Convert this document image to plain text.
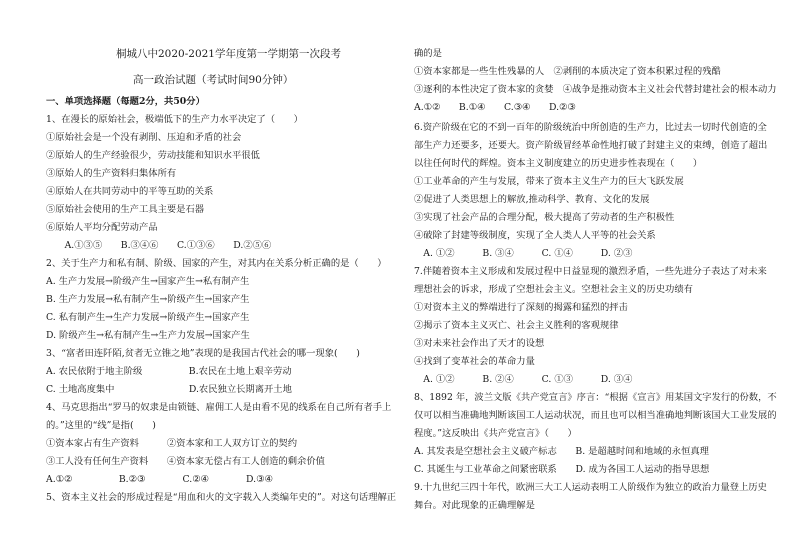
桐城八中2020-2021学年度第一学期第一次段考
高一政治试题（考试时间90分钟）
一、单项选择题（每题2分，共50分）
1、在漫长的原始社会，极端低下的生产力水平决定了（　　）
①原始社会是一个没有剥削、压迫和矛盾的社会
②原始人的生产经验很少，劳动技能和知识水平很低
③原始人的生产资料归集体所有
④原始人在共同劳动中的平等互助的关系
⑤原始社会使用的生产工具主要是石器
⑥原始人平均分配劳动产品
　　A.①③⑤　　B.③④⑥　　C.①③⑥　　D.②⑤⑥
2、关于生产力和私有制、阶级、国家的产生，对其内在关系分析正确的是（　　）
A. 生产力发展→阶级产生→国家产生→私有制产生
B. 生产力发展→私有制产生→阶级产生→国家产生
C. 私有制产生→生产力发展→阶级产生→国家产生
D. 阶级产生→私有制产生→生产力发展→国家产生
3、“富者田连阡陌,贫者无立锥之地”表现的是我国古代社会的哪一现象(　　)
A. 农民依附于地主阶级　　　　　B.农民在土地上艰辛劳动
C. 土地高度集中　　　　　　　　D.农民独立长期离开土地
4、马克思指出“罗马的奴隶是由锁链、雇佣工人是由看不见的线系在自己所有者手上
的。”这里的“线”是指(　　)
①资本家占有生产资料　　　②资本家和工人双方订立的契约
③工人没有任何生产资料　　④资本家无偿占有工人创造的剩余价值
A.①②　　　　　B.②③　　　　C.②④　　　　D.③④
5、资本主义社会的形成过程是“用血和火的文字载入人类编年史的”。对这句话理解正
确的是
①资本家都是一些生性残暴的人　②剥削的本质决定了资本积累过程的残酷
③逐利的本性决定了资本家的贪婪　④战争是推动资本主义社会代替封建社会的根本动力
A.①②　　B.①④　　C.③④　　D.②③
6.资产阶级在它的不到一百年的阶级统治中所创造的生产力，比过去一切时代创造的全
部生产力还要多，还要大。资产阶级冒经革命性地打破了封建主义的束缚，创造了超出
以往任何时代的辉煌。资本主义制度建立的历史进步性表现在（　　）
①工业革命的产生与发展，带来了资本主义生产力的巨大飞跃发展
②促进了人类思想上的解放,推动科学、教育、文化的发展
③实现了社会产品的合理分配，极大提高了劳动者的生产积极性
④破除了封建等级制度，实现了全人类人人平等的社会关系
　A. ①②　　　B. ③④　　　C. ①④　　　D. ②③
7.伴随着资本主义形成和发展过程中日益显现的激烈矛盾，一些先进分子表达了对未来
理想社会的诉求，形成了空想社会主义。空想社会主义的历史功绩有
①对资本主义的弊端进行了深刻的揭露和猛烈的抨击
②揭示了资本主义灭亡、社会主义胜利的客观规律
③对未来社会作出了天才的设想
④找到了变革社会的革命力量
　A. ①②　　　B. ②④　　　C. ①③　　　D. ③④
8、1892 年，波兰文版《共产党宣言》序言：“根据《宣言》用某国文字发行的份数，不
仅可以相当准确地判断该国工人运动状况，而且也可以相当准确地判断该国大工业发展的
程度。”这反映出《共产党宣言》（　　）
A. 其发表是空想社会主义破产标志　　B. 是超越时间和地域的永恒真理
C. 其诞生与工业革命之间紧密联系　　D. 成为各国工人运动的指导思想
9.十九世纪三四十年代，欧洲三大工人运动表明工人阶级作为独立的政治力量登上历史
舞台。对此现象的正确理解是
